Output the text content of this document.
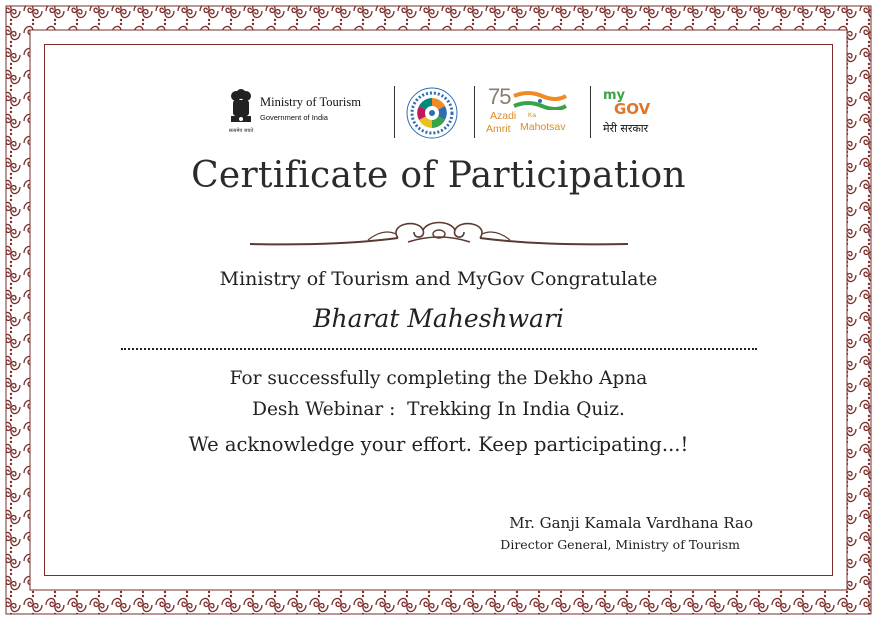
सत्यमेव जयते
Ministry of Tourism
Government of India
75
Azadi Ka
Amrit Mahotsav
my
GOV
मेरी सरकार
Certificate of Participation
Ministry of Tourism and MyGov Congratulate
Bharat Maheshwari
For successfully completing the Dekho Apna
Desh Webinar :  Trekking In India Quiz.
We acknowledge your effort. Keep participating...!
Mr. Ganji Kamala Vardhana Rao
Director General, Ministry of Tourism
